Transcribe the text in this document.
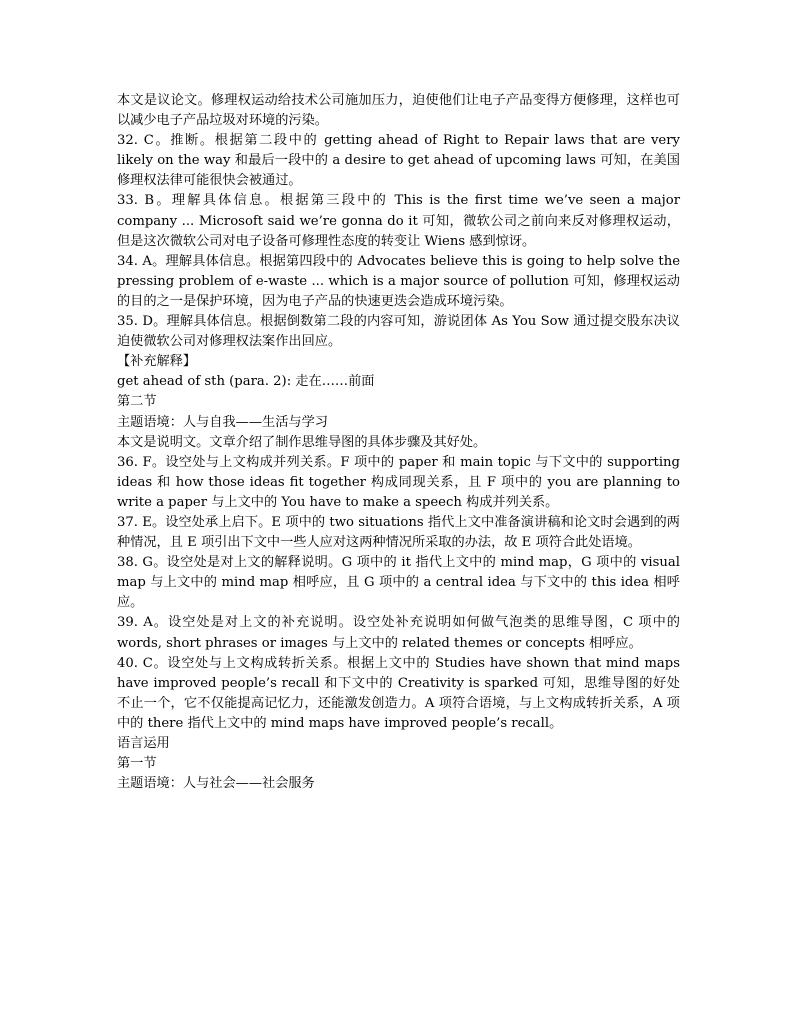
本文是议论文。修理权运动给技术公司施加压力，迫使他们让电子产品变得方便修理，这样也可以减少电子产品垃圾对环境的污染。

32. C。推断。根据第二段中的 getting ahead of Right to Repair laws that are very likely on the way 和最后一段中的 a desire to get ahead of upcoming laws 可知，在美国修理权法律可能很快会被通过。

33. B。理解具体信息。根据第三段中的 This is the first time we’ve seen a major company ... Microsoft said we’re gonna do it 可知，微软公司之前向来反对修理权运动，但是这次微软公司对电子设备可修理性态度的转变让 Wiens 感到惊讶。

34. A。理解具体信息。根据第四段中的 Advocates believe this is going to help solve the pressing problem of e-waste ... which is a major source of pollution 可知，修理权运动的目的之一是保护环境，因为电子产品的快速更迭会造成环境污染。

35. D。理解具体信息。根据倒数第二段的内容可知，游说团体 As You Sow 通过提交股东决议迫使微软公司对修理权法案作出回应。

【补充解释】

get ahead of sth (para. 2): 走在……前面

第二节

主题语境：人与自我——生活与学习

本文是说明文。文章介绍了制作思维导图的具体步骤及其好处。

36. F。设空处与上文构成并列关系。F 项中的 paper 和 main topic 与下文中的 supporting ideas 和 how those ideas fit together 构成同现关系，且 F 项中的 you are planning to write a paper 与上文中的 You have to make a speech 构成并列关系。

37. E。设空处承上启下。E 项中的 two situations 指代上文中准备演讲稿和论文时会遇到的两种情况，且 E 项引出下文中一些人应对这两种情况所采取的办法，故 E 项符合此处语境。

38. G。设空处是对上文的解释说明。G 项中的 it 指代上文中的 mind map，G 项中的 visual map 与上文中的 mind map 相呼应，且 G 项中的 a central idea 与下文中的 this idea 相呼应。

39. A。设空处是对上文的补充说明。设空处补充说明如何做气泡类的思维导图，C 项中的 words, short phrases or images 与上文中的 related themes or concepts 相呼应。

40. C。设空处与上文构成转折关系。根据上文中的 Studies have shown that mind maps have improved people’s recall 和下文中的 Creativity is sparked 可知，思维导图的好处不止一个，它不仅能提高记忆力，还能激发创造力。A 项符合语境，与上文构成转折关系，A 项中的 there 指代上文中的 mind maps have improved people’s recall。

语言运用

第一节

主题语境：人与社会——社会服务
